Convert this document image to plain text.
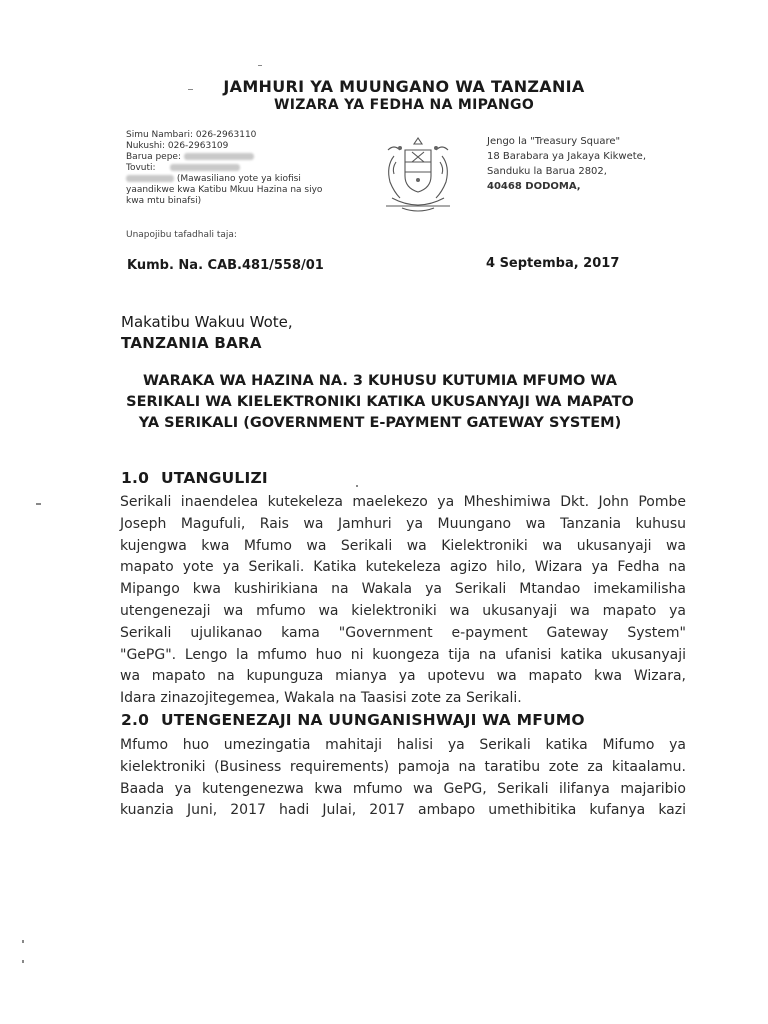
JAMHURI YA MUUNGANO WA TANZANIA
WIZARA YA FEDHA NA MIPANGO
Simu Nambari: 026-2963110
Nukushi: 026-2963109
Barua pepe:
Tovuti:
(Mawasiliano yote ya kiofisi
yaandikwe kwa Katibu Mkuu Hazina na siyo
kwa mtu binafsi)
Jengo la "Treasury Square"
18 Barabara ya Jakaya Kikwete,
Sanduku la Barua 2802,
40468 DODOMA,
Unapojibu tafadhali taja:
Kumb. Na. CAB.481/558/01	4 Septemba, 2017
Makatibu Wakuu Wote,
TANZANIA BARA
WARAKA WA HAZINA NA. 3 KUHUSU KUTUMIA MFUMO WA
SERIKALI WA KIELEKTRONIKI KATIKA UKUSANYAJI WA MAPATO
YA SERIKALI (GOVERNMENT E-PAYMENT GATEWAY SYSTEM)
1.0 UTANGULIZI
Serikali inaendelea kutekeleza maelekezo ya Mheshimiwa Dkt. John Pombe
Joseph Magufuli, Rais wa Jamhuri ya Muungano wa Tanzania kuhusu
kujengwa kwa Mfumo wa Serikali wa Kielektroniki wa ukusanyaji wa
mapato yote ya Serikali. Katika kutekeleza agizo hilo, Wizara ya Fedha na
Mipango kwa kushirikiana na Wakala ya Serikali Mtandao imekamilisha
utengenezaji wa mfumo wa kielektroniki wa ukusanyaji wa mapato ya
Serikali ujulikanao kama "Government e-payment Gateway System"
"GePG". Lengo la mfumo huo ni kuongeza tija na ufanisi katika ukusanyaji
wa mapato na kupunguza mianya ya upotevu wa mapato kwa Wizara,
Idara zinazojitegemea, Wakala na Taasisi zote za Serikali.
2.0 UTENGENEZAJI NA UUNGANISHWAJI WA MFUMO
Mfumo huo umezingatia mahitaji halisi ya Serikali katika Mifumo ya
kielektroniki (Business requirements) pamoja na taratibu zote za kitaalamu.
Baada ya kutengenezwa kwa mfumo wa GePG, Serikali ilifanya majaribio
kuanzia Juni, 2017 hadi Julai, 2017 ambapo umethibitika kufanya kazi
